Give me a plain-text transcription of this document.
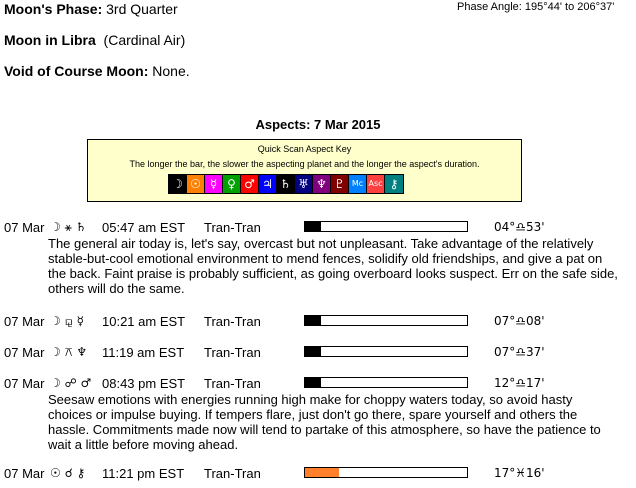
Moon's Phase: 3rd Quarter	Phase Angle: 195°44' to 206°37'
Moon in Libra (Cardinal Air)
Void of Course Moon: None.
Aspects: 7 Mar 2015
Quick Scan Aspect Key
The longer the bar, the slower the aspecting planet and the longer the aspect's duration.
☽ ☉ ☿ ♀ ♂ ♃ ♄ ♅ ♆ ♇ Mc Asc ⚷
07 Mar ☽ ⚹ ♄ 05:47 am EST Tran-Tran	04°♎53'
The general air today is, let's say, overcast but not unpleasant. Take advantage of the relatively stable-but-cool emotional environment to mend fences, solidify old friendships, and give a pat on the back. Faint praise is probably sufficient, as going overboard looks suspect. Err on the safe side, others will do the same.
07 Mar ☽ ⚼ ☿ 10:21 am EST Tran-Tran	07°♎08'
07 Mar ☽ ⚻ ♆ 11:19 am EST Tran-Tran	07°♎37'
07 Mar ☽ ☍ ♂ 08:43 pm EST Tran-Tran	12°♎17'
Seesaw emotions with energies running high make for choppy waters today, so avoid hasty choices or impulse buying. If tempers flare, just don't go there, spare yourself and others the hassle. Commitments made now will tend to partake of this atmosphere, so have the patience to wait a little before moving ahead.
07 Mar ☉ ☌ ⚷ 11:21 pm EST Tran-Tran	17°♓16'
